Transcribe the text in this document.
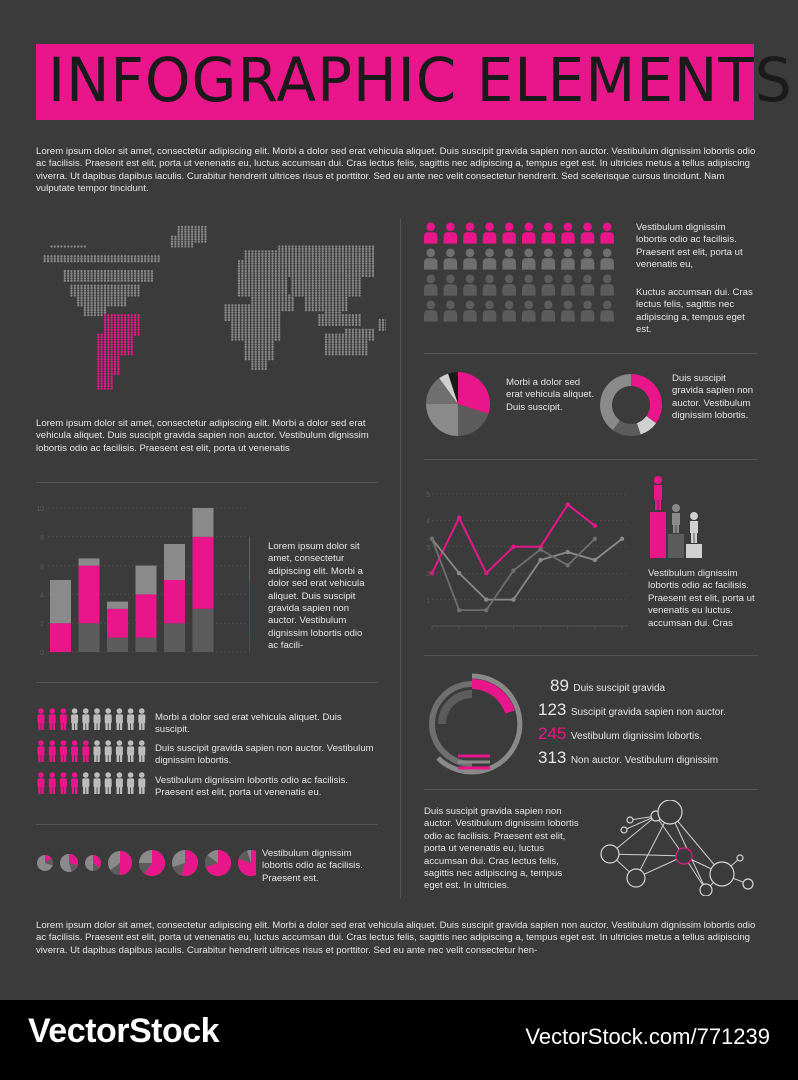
INFOGRAPHIC ELEMENTS
Lorem ipsum dolor sit amet, consectetur adipiscing elit. Morbi a dolor sed erat vehicula aliquet. Duis suscipit gravida sapien non auctor. Vestibulum dignissim lobortis odio ac facilisis. Praesent est elit, porta ut venenatis eu, luctus accumsan dui. Cras lectus felis, sagittis nec adipiscing a, tempus eget est. In ultricies metus a tellus adipiscing viverra. Ut dapibus dapibus iaculis. Curabitur hendrerit ultrices risus et porttitor. Sed eu ante nec velit consectetur hendrerit. Sed scelerisque cursus tincidunt. Nam vulputate tempor tincidunt.
Lorem ipsum dolor sit amet, consectetur adipiscing elit. Morbi a dolor sed erat vehicula aliquet. Duis suscipit gravida sapien non auctor. Vestibulum dignissim lobortis odio ac facilisis. Praesent est elit, porta ut venenatis
Vestibulum dignissim lobortis odio ac facilisis. Praesent est elit, porta ut venenatis eu,
Kuctus accumsan dui. Cras lectus felis, sagittis nec adipiscing a, tempus eget est.
Morbi a dolor sed erat vehicula aliquet. Duis suscipit.
Duis suscipit gravida sapien non auctor. Vestibulum dignissim lobortis.
0
2
4
6
8
10
Lorem ipsum dolor sit amet, consectetur adipiscing elit. Morbi a dolor sed erat vehicula aliquet. Duis suscipit gravida sapien non auctor. Vestibulum dignissim lobortis odio ac facili-
1
2
3
4
5
Vestibulum dignissim lobortis odio ac facilisis. Praesent est elit, porta ut venenatis eu luctus. accumsan dui. Cras
Morbi a dolor sed erat vehicula aliquet. Duis suscipit.
Duis suscipit gravida sapien non auctor. Vestibulum dignissim lobortis.
Vestibulum dignissim lobortis odio ac facilisis. Praesent est elit, porta ut venenatis eu.
Vestibulum dignissim lobortis odio ac facilisis. Praesent est.
89 Duis suscipit gravida
123 Suscipit gravida sapien non auctor.
245 Vestibulum dignissim lobortis.
313 Non auctor. Vestibulum dignissim
Duis suscipit gravida sapien non auctor. Vestibulum dignissim lobortis odio ac facilisis. Praesent est elit, porta ut venenatis eu, luctus accumsan dui. Cras lectus felis, sagittis nec adipiscing a, tempus eget est. In ultricies.
Lorem ipsum dolor sit amet, consectetur adipiscing elit. Morbi a dolor sed erat vehicula aliquet. Duis suscipit gravida sapien non auctor. Vestibulum dignissim lobortis odio ac facilisis. Praesent est elit, porta ut venenatis eu, luctus accumsan dui. Cras lectus felis, sagittis nec adipiscing a, tempus eget est. In ultricies metus a tellus adipiscing viverra. Ut dapibus dapibus iaculis. Curabitur hendrerit ultrices risus et porttitor. Sed eu ante nec velit consectetur hen-
VectorStock	VectorStock.com/771239
